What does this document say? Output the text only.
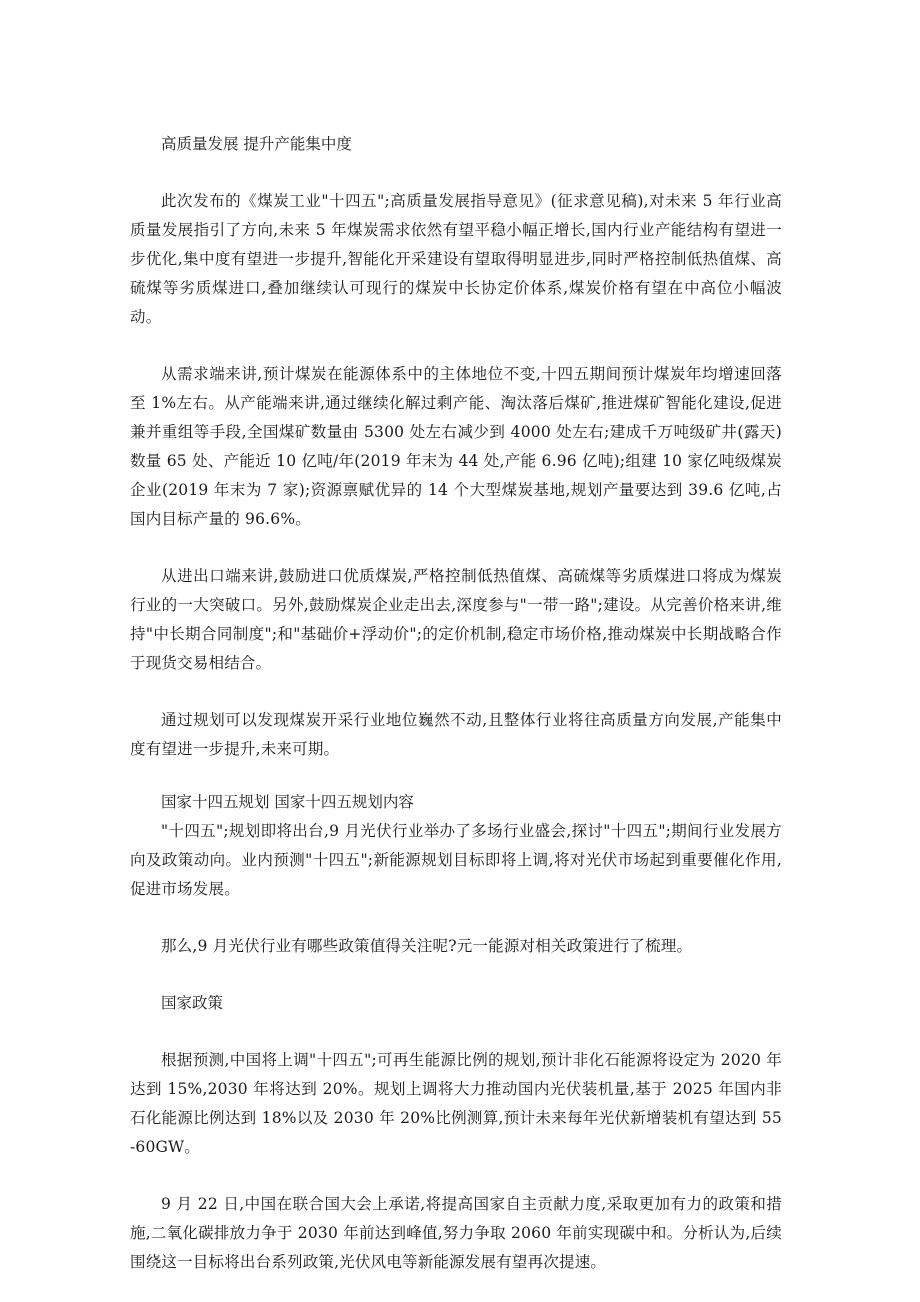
高质量发展 提升产能集中度

此次发布的《煤炭工业"十四五";高质量发展指导意见》(征求意见稿),对未来 5 年行业高质量发展指引了方向,未来 5 年煤炭需求依然有望平稳小幅正增长,国内行业产能结构有望进一步优化,集中度有望进一步提升,智能化开采建设有望取得明显进步,同时严格控制低热值煤、高硫煤等劣质煤进口,叠加继续认可现行的煤炭中长协定价体系,煤炭价格有望在中高位小幅波动。

从需求端来讲,预计煤炭在能源体系中的主体地位不变,十四五期间预计煤炭年均增速回落至 1%左右。从产能端来讲,通过继续化解过剩产能、淘汰落后煤矿,推进煤矿智能化建设,促进兼并重组等手段,全国煤矿数量由 5300 处左右减少到 4000 处左右;建成千万吨级矿井(露天)数量 65 处、产能近 10 亿吨/年(2019 年末为 44 处,产能 6.96 亿吨);组建 10 家亿吨级煤炭企业(2019 年末为 7 家);资源禀赋优异的 14 个大型煤炭基地,规划产量要达到 39.6 亿吨,占国内目标产量的 96.6%。

从进出口端来讲,鼓励进口优质煤炭,严格控制低热值煤、高硫煤等劣质煤进口将成为煤炭行业的一大突破口。另外,鼓励煤炭企业走出去,深度参与"一带一路";建设。从完善价格来讲,维持"中长期合同制度";和"基础价+浮动价";的定价机制,稳定市场价格,推动煤炭中长期战略合作于现货交易相结合。

通过规划可以发现煤炭开采行业地位巍然不动,且整体行业将往高质量方向发展,产能集中度有望进一步提升,未来可期。

国家十四五规划 国家十四五规划内容

"十四五";规划即将出台,9 月光伏行业举办了多场行业盛会,探讨"十四五";期间行业发展方向及政策动向。业内预测"十四五";新能源规划目标即将上调,将对光伏市场起到重要催化作用,促进市场发展。

那么,9 月光伏行业有哪些政策值得关注呢?元一能源对相关政策进行了梳理。

国家政策

根据预测,中国将上调"十四五";可再生能源比例的规划,预计非化石能源将设定为 2020 年达到 15%,2030 年将达到 20%。规划上调将大力推动国内光伏装机量,基于 2025 年国内非石化能源比例达到 18%以及 2030 年 20%比例测算,预计未来每年光伏新增装机有望达到 55-60GW。

9 月 22 日,中国在联合国大会上承诺,将提高国家自主贡献力度,采取更加有力的政策和措施,二氧化碳排放力争于 2030 年前达到峰值,努力争取 2060 年前实现碳中和。分析认为,后续围绕这一目标将出台系列政策,光伏风电等新能源发展有望再次提速。
